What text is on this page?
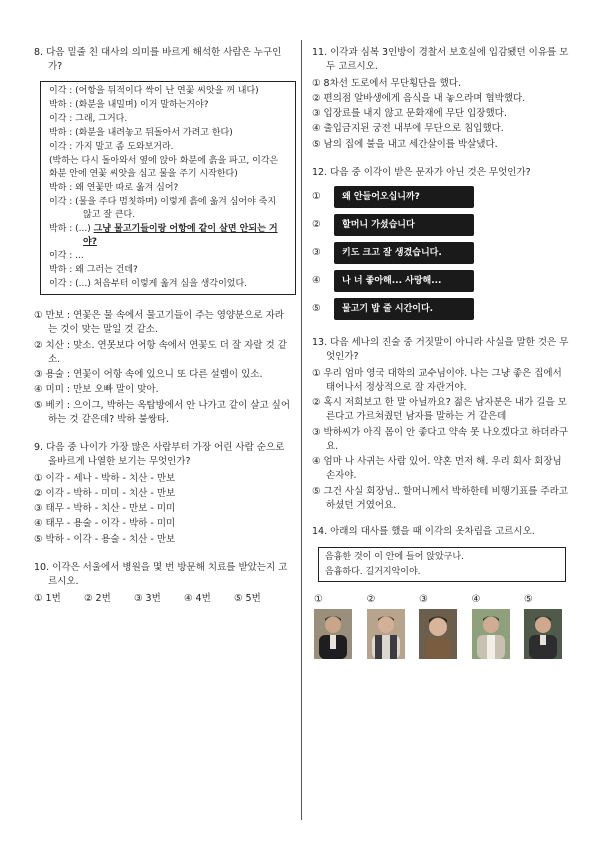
8. 다음 밑줄 친 대사의 의미를 바르게 해석한 사람은 누구인가?
이각 : (어항을 뒤적이다 싹이 난 연꽃 씨앗을 꺼 내다)
박하 : (화분을 내밀며) 이거 말하는거야?
이각 : 그래, 그거다.
박하 : (화분을 내려놓고 뒤돌아서 가려고 한다)
이각 : 가지 말고 좀 도와보거라.
(박하는 다시 돌아와서 옆에 앉아 화분에 흙을 파고, 이각은 화분 안에 연꽃 씨앗을 심고 물을 주기 시작한다)
박하 : 왜 연꽃만 따로 옮겨 심어?
이각 : (물을 주다 멈칫하며) 이렇게 흙에 옮겨 심어야 죽지 않고 잘 큰다.
박하 : (...) 그냥 물고기들이랑 어항에 같이 살면 안되는 거야?
이각 : ...
박하 : 왜 그러는 건데?
이각 : (...) 처음부터 이렇게 옮겨 심을 생각이었다.
① 만보 : 연꽃은 물 속에서 물고기들이 주는 영양분으로 자라는 것이 맞는 말일 것 같소.
② 치산 : 맞소. 연못보다 어항 속에서 연꽃도 더 잘 자랄 것 같소.
③ 용술 : 연꽃이 어항 속에 있으니 또 다른 설렘이 있소.
④ 미미 : 만보 오빠 말이 맞아.
⑤ 베키 : 으이그, 박하는 옥탑방에서 안 나가고 같이 살고 싶어하는 것 같은데? 박하 불쌍타.
9. 다음 중 나이가 가장 많은 사람부터 가장 어린 사람 순으로 올바르게 나열한 보기는 무엇인가?
① 이각 - 세나 - 박하 - 치산 - 만보
② 이각 - 박하 - 미미 - 치산 - 만보
③ 태무 - 박하 - 치산 - 만보 - 미미
④ 태무 - 용술 - 이각 - 박하 - 미미
⑤ 박하 - 이각 - 용술 - 치산 - 만보
10. 이각은 서울에서 병원을 몇 번 방문해 치료를 받았는지 고르시오.
① 1번	② 2번	③ 3번	④ 4번	⑤ 5번
11. 이각과 심복 3인방이 경찰서 보호실에 입감됐던 이유를 모두 고르시오.
① 8차선 도로에서 무단횡단을 했다.
② 편의점 알바생에게 음식을 내 놓으라며 협박했다.
③ 입장료를 내지 않고 문화재에 무단 입장했다.
④ 출입금지된 궁전 내부에 무단으로 침입했다.
⑤ 남의 집에 불을 내고 세간살이를 박살냈다.
12. 다음 중 이각이 받은 문자가 아닌 것은 무엇인가?
①	왜 안들어오십니까?
②	할머니 가셨습니다
③	키도 크고 잘 생겼습니다.
④	나 너 좋아해... 사랑해...
⑤	물고기 밥 줄 시간이다.
13. 다음 세나의 진술 중 거짓말이 아니라 사실을 말한 것은 무엇인가?
① 우리 엄마 영국 대학의 교수님이야. 나는 그냥 좋은 집에서 태어나서 정상적으로 잘 자란거야.
② 혹시 저희보고 한 말 아닐까요? 젊은 남자분은 내가 길을 모른다고 가르쳐줬던 남자를 말하는 거 같은데
③ 박하씨가 아직 몸이 안 좋다고 약속 못 나오겠다고 하더라구요.
④ 엄마 나 사귀는 사람 있어. 약혼 먼저 해. 우리 회사 회장님 손자야.
⑤ 그건 사실 회장님.. 할머니께서 박하한테 비행기표를 주라고 하셨던 거였어요.
14. 아래의 대사를 했을 때 이각의 옷차림을 고르시오.
음흉한 것이 이 안에 들어 앉았구나.
음흉하다. 길거지악이야.
①	②	③	④	⑤
